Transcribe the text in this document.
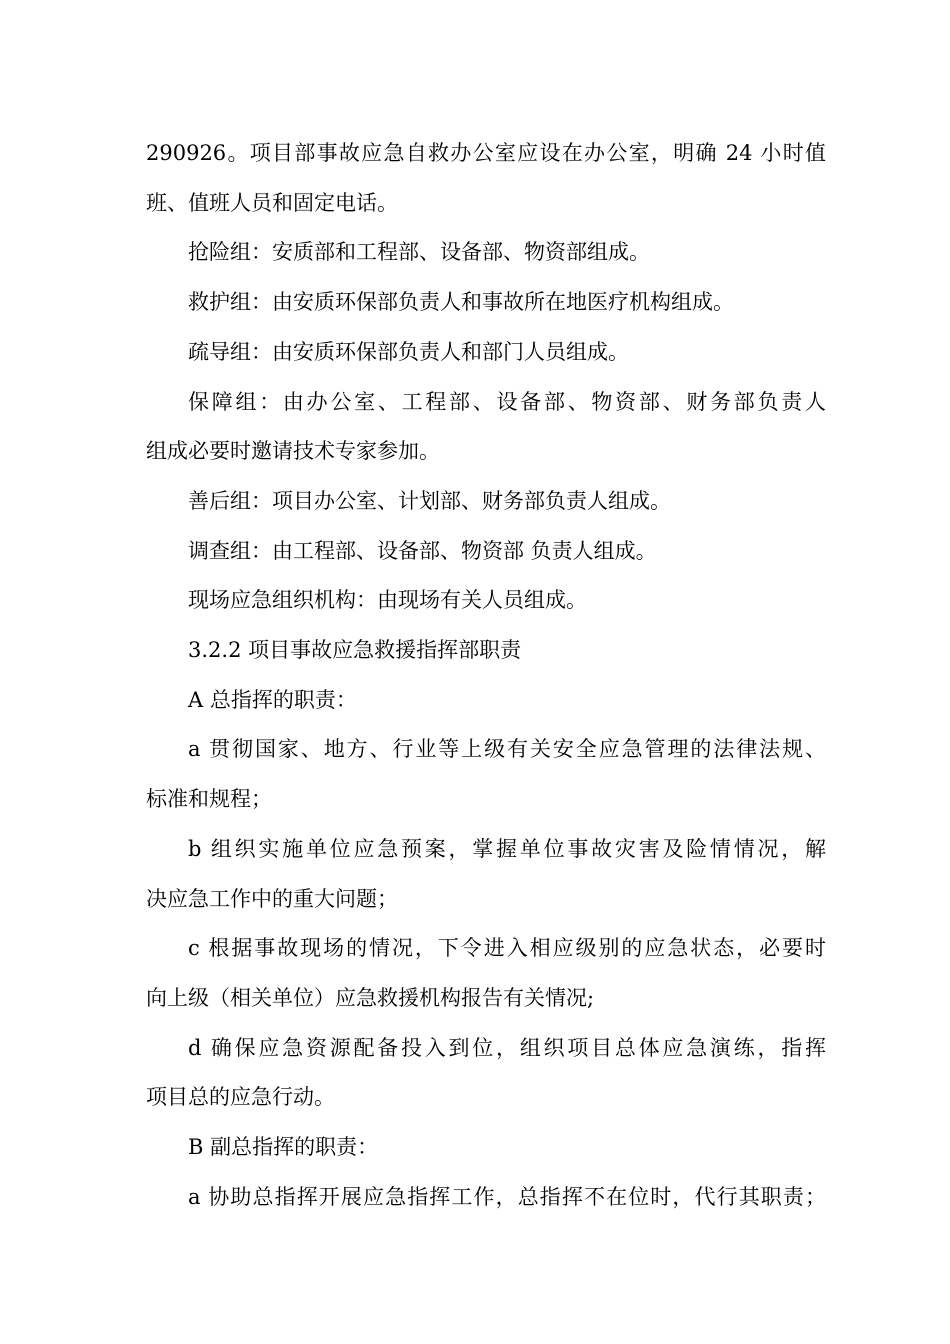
290926。项目部事故应急自救办公室应设在办公室，明确 24 小时值

班、值班人员和固定电话。

抢险组：安质部和工程部、设备部、物资部组成。

救护组：由安质环保部负责人和事故所在地医疗机构组成。

疏导组：由安质环保部负责人和部门人员组成。

保障组：由办公室、工程部、设备部、物资部、财务部负责人

组成必要时邀请技术专家参加。

善后组：项目办公室、计划部、财务部负责人组成。

调查组：由工程部、设备部、物资部 负责人组成。

现场应急组织机构：由现场有关人员组成。

3.2.2 项目事故应急救援指挥部职责

A 总指挥的职责：

a 贯彻国家、地方、行业等上级有关安全应急管理的法律法规、

标准和规程；

b 组织实施单位应急预案，掌握单位事故灾害及险情情况，解

决应急工作中的重大问题；

c 根据事故现场的情况，下令进入相应级别的应急状态，必要时

向上级（相关单位）应急救援机构报告有关情况;

d 确保应急资源配备投入到位，组织项目总体应急演练，指挥

项目总的应急行动。

B 副总指挥的职责：

a 协助总指挥开展应急指挥工作，总指挥不在位时，代行其职责；
